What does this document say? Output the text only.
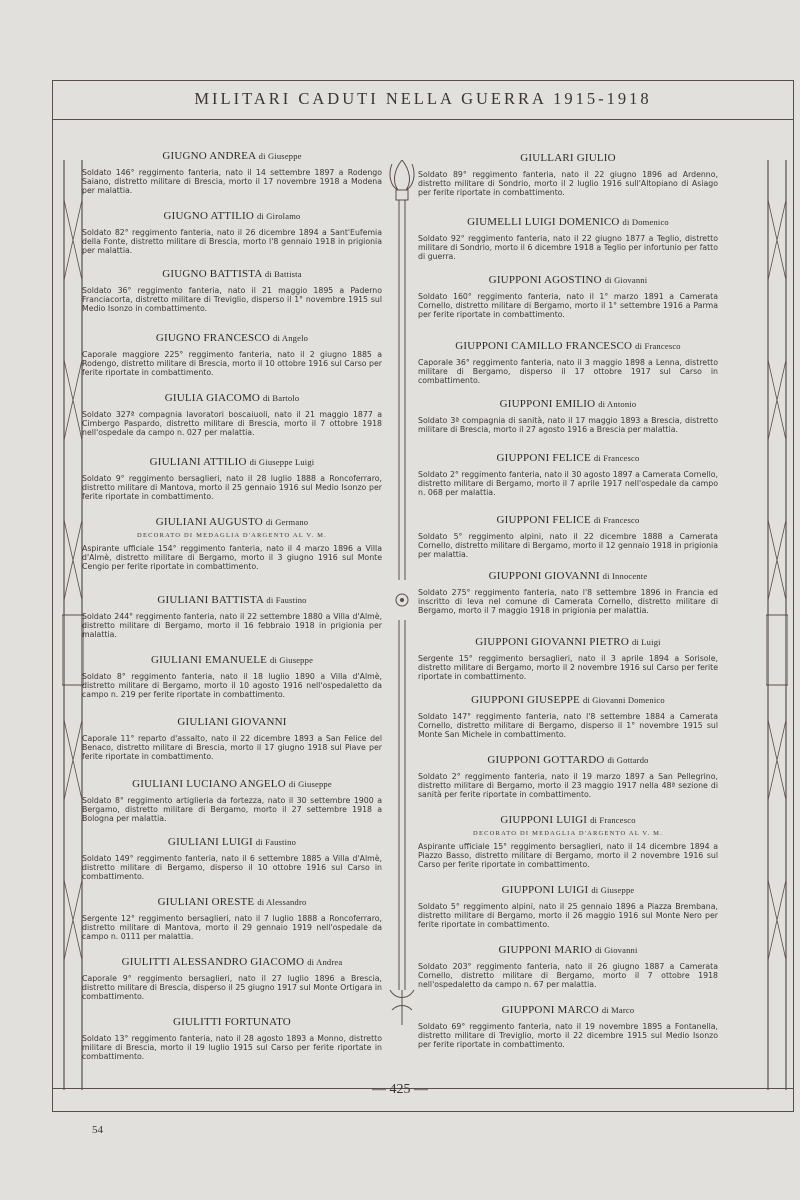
MILITARI CADUTI NELLA GUERRA 1915-1918
GIUGNO ANDREA di Giuseppe

Soldato 146° reggimento fanteria, nato il 14 settembre 1897 a Rodengo Saiano, distretto militare di Brescia, morto il 17 novembre 1918 a Modena per malattia.

GIUGNO ATTILIO di Girolamo

Soldato 82° reggimento fanteria, nato il 26 dicembre 1894 a Sant'Eufemia della Fonte, distretto militare di Brescia, morto l'8 gennaio 1918 in prigionia per malattia.

GIUGNO BATTISTA di Battista

Soldato 36° reggimento fanteria, nato il 21 maggio 1895 a Paderno Franciacorta, distretto militare di Treviglio, disperso il 1° novembre 1915 sul Medio Isonzo in combattimento.

GIUGNO FRANCESCO di Angelo

Caporale maggiore 225° reggimento fanteria, nato il 2 giugno 1885 a Rodengo, distretto militare di Brescia, morto il 10 ottobre 1916 sul Carso per ferite riportate in combattimento.

GIULIA GIACOMO di Bartolo

Soldato 327ª compagnia lavoratori boscaiuoli, nato il 21 maggio 1877 a Cimbergo Paspardo, distretto militare di Brescia, morto il 7 ottobre 1918 nell'ospedale da campo n. 027 per malattia.

GIULIANI ATTILIO di Giuseppe Luigi

Soldato 9° reggimento bersaglieri, nato il 28 luglio 1888 a Roncoferraro, distretto militare di Mantova, morto il 25 gennaio 1916 sul Medio Isonzo per ferite riportate in combattimento.

GIULIANI AUGUSTO di Germano
DECORATO DI MEDAGLIA D'ARGENTO AL V. M.

Aspirante ufficiale 154° reggimento fanteria, nato il 4 marzo 1896 a Villa d'Almè, distretto militare di Bergamo, morto il 3 giugno 1916 sul Monte Cengio per ferite riportate in combattimento.

GIULIANI BATTISTA di Faustino

Soldato 244° reggimento fanteria, nato il 22 settembre 1880 a Villa d'Almè, distretto militare di Bergamo, morto il 16 febbraio 1918 in prigionia per malattia.

GIULIANI EMANUELE di Giuseppe

Soldato 8° reggimento fanteria, nato il 18 luglio 1890 a Villa d'Almè, distretto militare di Bergamo, morto il 10 agosto 1916 nell'ospedaletto da campo n. 219 per ferite riportate in combattimento.

GIULIANI GIOVANNI

Caporale 11° reparto d'assalto, nato il 22 dicembre 1893 a San Felice del Benaco, distretto militare di Brescia, morto il 17 giugno 1918 sul Piave per ferite riportate in combattimento.

GIULIANI LUCIANO ANGELO di Giuseppe

Soldato 8° reggimento artiglieria da fortezza, nato il 30 settembre 1900 a Bergamo, distretto militare di Bergamo, morto il 27 settembre 1918 a Bologna per malattia.

GIULIANI LUIGI di Faustino

Soldato 149° reggimento fanteria, nato il 6 settembre 1885 a Villa d'Almè, distretto militare di Bergamo, disperso il 10 ottobre 1916 sul Carso in combattimento.

GIULIANI ORESTE di Alessandro

Sergente 12° reggimento bersaglieri, nato il 7 luglio 1888 a Roncoferraro, distretto militare di Mantova, morto il 29 gennaio 1919 nell'ospedale da campo n. 0111 per malattia.

GIULITTI ALESSANDRO GIACOMO di Andrea

Caporale 9° reggimento bersaglieri, nato il 27 luglio 1896 a Brescia, distretto militare di Brescia, disperso il 25 giugno 1917 sul Monte Ortigara in combattimento.

GIULITTI FORTUNATO

Soldato 13° reggimento fanteria, nato il 28 agosto 1893 a Monno, distretto militare di Brescia, morto il 19 luglio 1915 sul Carso per ferite riportate in combattimento.

GIULLARI GIULIO

Soldato 89° reggimento fanteria, nato il 22 giugno 1896 ad Ardenno, distretto militare di Sondrio, morto il 2 luglio 1916 sull'Altopiano di Asiago per ferite riportate in combattimento.

GIUMELLI LUIGI DOMENICO di Domenico

Soldato 92° reggimento fanteria, nato il 22 giugno 1877 a Teglio, distretto militare di Sondrio, morto il 6 dicembre 1918 a Teglio per infortunio per fatto di guerra.

GIUPPONI AGOSTINO di Giovanni

Soldato 160° reggimento fanteria, nato il 1° marzo 1891 a Camerata Cornello, distretto militare di Bergamo, morto il 1° settembre 1916 a Parma per ferite riportate in combattimento.

GIUPPONI CAMILLO FRANCESCO di Francesco

Caporale 36° reggimento fanteria, nato il 3 maggio 1898 a Lenna, distretto militare di Bergamo, disperso il 17 ottobre 1917 sul Carso in combattimento.

GIUPPONI EMILIO di Antonio

Soldato 3ª compagnia di sanità, nato il 17 maggio 1893 a Brescia, distretto militare di Brescia, morto il 27 agosto 1916 a Brescia per malattia.

GIUPPONI FELICE di Francesco

Soldato 2° reggimento fanteria, nato il 30 agosto 1897 a Camerata Cornello, distretto militare di Bergamo, morto il 7 aprile 1917 nell'ospedale da campo n. 068 per malattia.

GIUPPONI FELICE di Francesco

Soldato 5° reggimento alpini, nato il 22 dicembre 1888 a Camerata Cornello, distretto militare di Bergamo, morto il 12 gennaio 1918 in prigionia per malattia.

GIUPPONI GIOVANNI di Innocente

Soldato 275° reggimento fanteria, nato l'8 settembre 1896 in Francia ed inscritto di leva nel comune di Camerata Cornello, distretto militare di Bergamo, morto il 7 maggio 1918 in prigionia per malattia.

GIUPPONI GIOVANNI PIETRO di Luigi

Sergente 15° reggimento bersaglieri, nato il 3 aprile 1894 a Sorisole, distretto militare di Bergamo, morto il 2 novembre 1916 sul Carso per ferite riportate in combattimento.

GIUPPONI GIUSEPPE di Giovanni Domenico

Soldato 147° reggimento fanteria, nato l'8 settembre 1884 a Camerata Cornello, distretto militare di Bergamo, disperso il 1° novembre 1915 sul Monte San Michele in combattimento.

GIUPPONI GOTTARDO di Gottardo

Soldato 2° reggimento fanteria, nato il 19 marzo 1897 a San Pellegrino, distretto militare di Bergamo, morto il 23 maggio 1917 nella 48ª sezione di sanità per ferite riportate in combattimento.

GIUPPONI LUIGI di Francesco
DECORATO DI MEDAGLIA D'ARGENTO AL V. M.

Aspirante ufficiale 15° reggimento bersaglieri, nato il 14 dicembre 1894 a Piazzo Basso, distretto militare di Bergamo, morto il 2 novembre 1916 sul Carso per ferite riportate in combattimento.

GIUPPONI LUIGI di Giuseppe

Soldato 5° reggimento alpini, nato il 25 gennaio 1896 a Piazza Brembana, distretto militare di Bergamo, morto il 26 maggio 1916 sul Monte Nero per ferite riportate in combattimento.

GIUPPONI MARIO di Giovanni

Soldato 203° reggimento fanteria, nato il 26 giugno 1887 a Camerata Cornello, distretto militare di Bergamo, morto il 7 ottobre 1918 nell'ospedaletto da campo n. 67 per malattia.

GIUPPONI MARCO di Marco

Soldato 69° reggimento fanteria, nato il 19 novembre 1895 a Fontanella, distretto militare di Treviglio, morto il 22 dicembre 1915 sul Medio Isonzo per ferite riportate in combattimento.

— 425 —
54
